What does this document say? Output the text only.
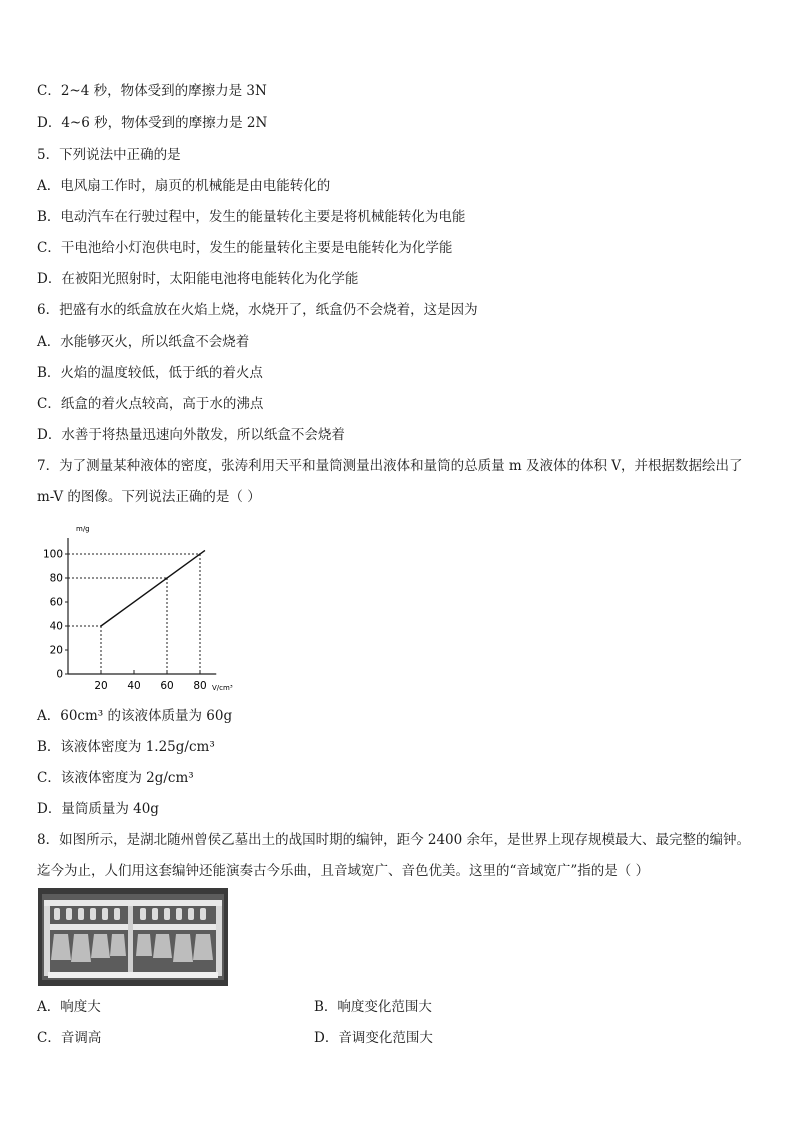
C．2~4 秒，物体受到的摩擦力是 3N
D．4~6 秒，物体受到的摩擦力是 2N
5．下列说法中正确的是
A．电风扇工作时，扇页的机械能是由电能转化的
B．电动汽车在行驶过程中，发生的能量转化主要是将机械能转化为电能
C．干电池给小灯泡供电时，发生的能量转化主要是电能转化为化学能
D．在被阳光照射时，太阳能电池将电能转化为化学能
6．把盛有水的纸盒放在火焰上烧，水烧开了，纸盒仍不会烧着，这是因为
A．水能够灭火，所以纸盒不会烧着
B．火焰的温度较低，低于纸的着火点
C．纸盒的着火点较高，高于水的沸点
D．水善于将热量迅速向外散发，所以纸盒不会烧着
7．为了测量某种液体的密度，张涛利用天平和量筒测量出液体和量筒的总质量 m 及液体的体积 V，并根据数据绘出了
m-V 的图像。下列说法正确的是（ ）
0
20
40
60
80
100
20 40 60 80
m/g
V/cm³
A．60cm³ 的该液体质量为 60g
B．该液体密度为 1.25g/cm³
C．该液体密度为 2g/cm³
D．量筒质量为 40g
8．如图所示，是湖北随州曾侯乙墓出土的战国时期的编钟，距今 2400 余年，是世界上现存规模最大、最完整的编钟。
迄今为止，人们用这套编钟还能演奏古今乐曲，且音域宽广、音色优美。这里的“音域宽广”指的是（ ）
A．响度大	B．响度变化范围大
C．音调高	D．音调变化范围大
